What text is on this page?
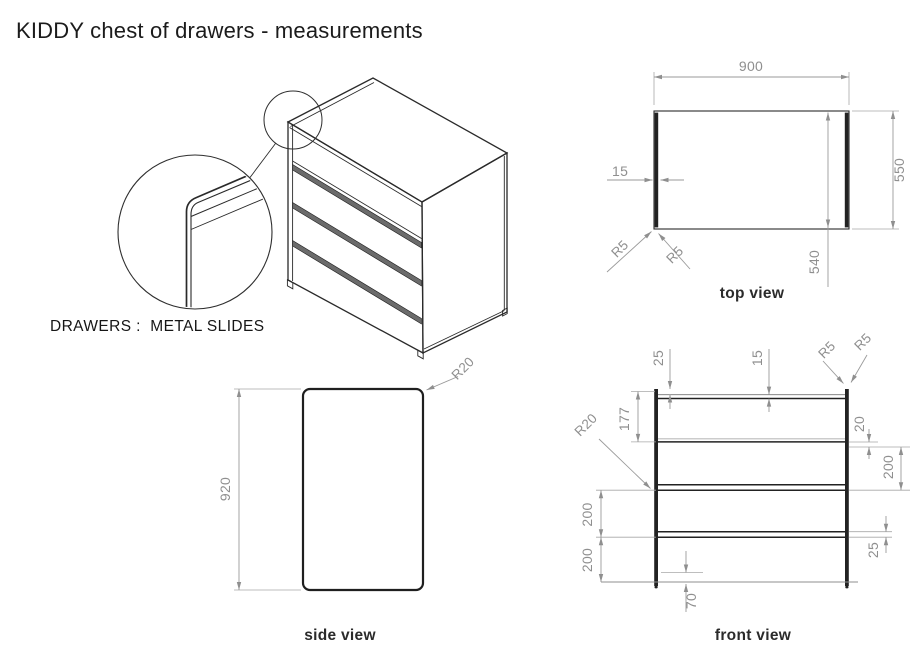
KIDDY chest of drawers - measurements
DRAWERS :  METAL SLIDES
900
15	550
540
R5 R5
top view
920
R20
side view
25	15
177
R20
200
200
70
R5 R5
20
200
25
front view
